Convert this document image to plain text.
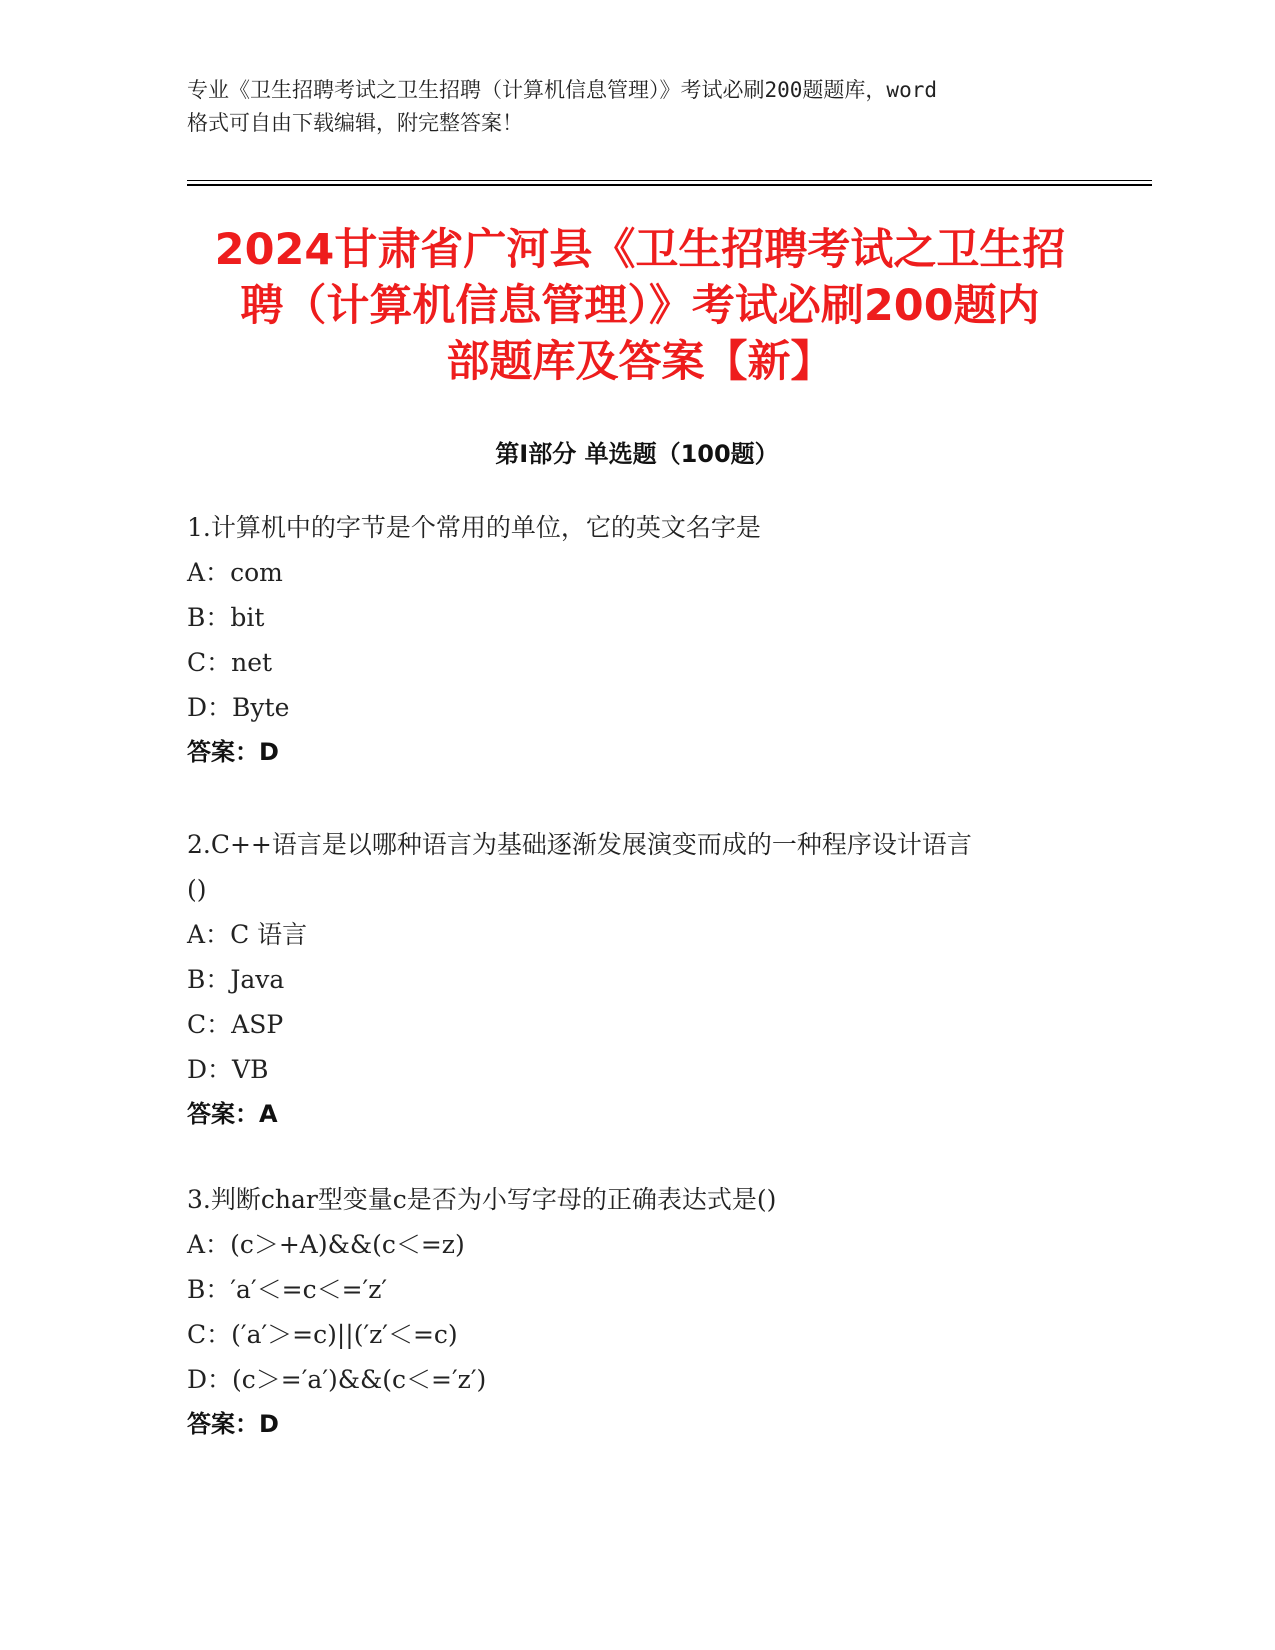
专业《卫生招聘考试之卫生招聘（计算机信息管理）》考试必刷200题题库，word
格式可自由下载编辑，附完整答案！
2024甘肃省广河县《卫生招聘考试之卫生招
聘（计算机信息管理）》考试必刷200题内
部题库及答案【新】
第Ⅰ部分 单选题（100题）

1.计算机中的字节是个常用的单位，它的英文名字是

A： com
B： bit
C： net
D： Byte

答案：D

2.C++语言是以哪种语言为基础逐渐发展演变而成的一种程序设计语言

()

A： C 语言
B： Java
C： ASP
D： VB

答案：A

3.判断char型变量c是否为小写字母的正确表达式是()

A： (c＞+A)&&(c＜=z)
B： ′a′＜=c＜=′z′
C： (′a′＞=c)||(′z′＜=c)
D： (c＞=′a′)&&(c＜=′z′)

答案：D
